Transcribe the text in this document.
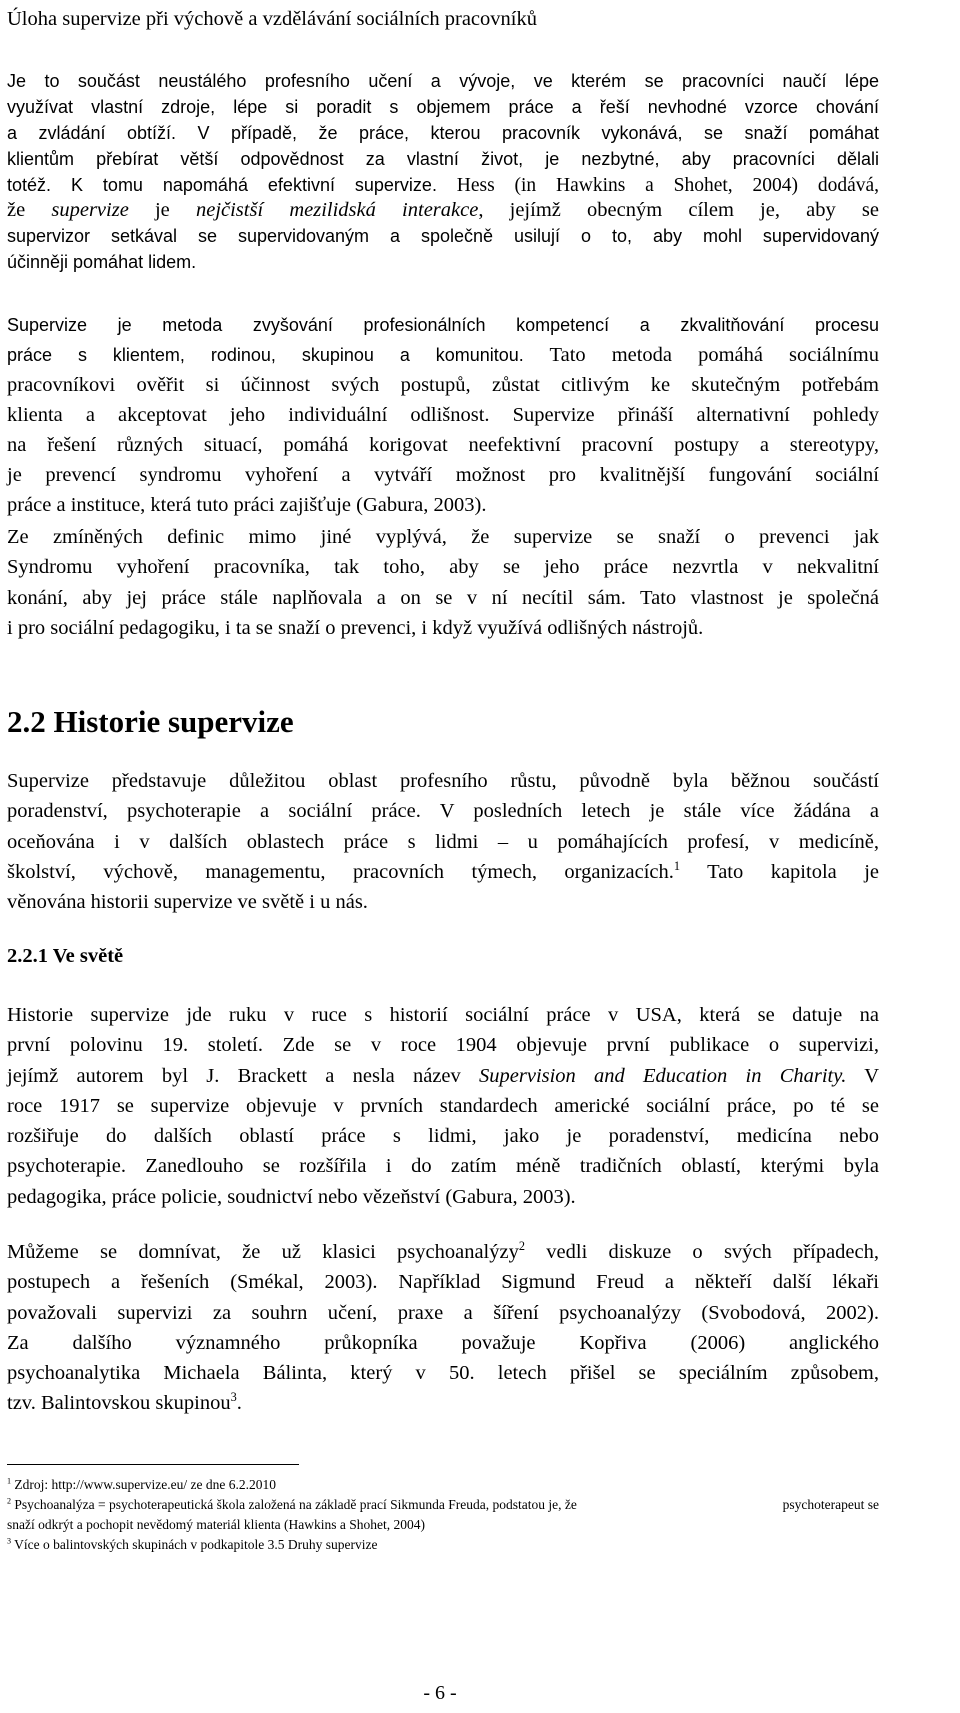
Úloha supervize při výchově a vzdělávání sociálních pracovníků
Je to součást neustálého profesního učení a vývoje, ve kterém se pracovníci naučí lépe
využívat vlastní zdroje, lépe si poradit s objemem práce a řeší nevhodné vzorce chování
a zvládání obtíží. V případě, že práce, kterou pracovník vykonává, se snaží pomáhat
klientům přebírat větší odpovědnost za vlastní život, je nezbytné, aby pracovníci dělali
totéž. K tomu napomáhá efektivní supervize. Hess (in Hawkins a Shohet, 2004) dodává,
že supervize je nejčistší mezilidská interakce, jejímž obecným cílem je, aby se
supervizor setkával se supervidovaným a společně usilují o to, aby mohl supervidovaný
účinněji pomáhat lidem.
Supervize je metoda zvyšování profesionálních kompetencí a zkvalitňování procesu
práce s klientem, rodinou, skupinou a komunitou. Tato metoda pomáhá sociálnímu
pracovníkovi ověřit si účinnost svých postupů, zůstat citlivým ke skutečným potřebám
klienta a akceptovat jeho individuální odlišnost. Supervize přináší alternativní pohledy
na řešení různých situací, pomáhá korigovat neefektivní pracovní postupy a stereotypy,
je prevencí syndromu vyhoření a vytváří možnost pro kvalitnější fungování sociální
práce a instituce, která tuto práci zajišťuje (Gabura, 2003).
Ze zmíněných definic mimo jiné vyplývá, že supervize se snaží o prevenci jak
Syndromu vyhoření pracovníka, tak toho, aby se jeho práce nezvrtla v nekvalitní
konání, aby jej práce stále naplňovala a on se v ní necítil sám. Tato vlastnost je společná
i pro sociální pedagogiku, i ta se snaží o prevenci, i když využívá odlišných nástrojů.
2.2 Historie supervize
Supervize představuje důležitou oblast profesního růstu, původně byla běžnou součástí
poradenství, psychoterapie a sociální práce. V posledních letech je stále více žádána a
oceňována i v dalších oblastech práce s lidmi – u pomáhajících profesí, v medicíně,
školství, výchově, managementu, pracovních týmech, organizacích.$^1$ Tato kapitola je
věnována historii supervize ve světě i u nás.
2.2.1 Ve světě
Historie supervize jde ruku v ruce s historií sociální práce v USA, která se datuje na
první polovinu 19. století. Zde se v roce 1904 objevuje první publikace o supervizi,
jejímž autorem byl J. Brackett a nesla název Supervision and Education in Charity. V
roce 1917 se supervize objevuje v prvních standardech americké sociální práce, po té se
rozšiřuje do dalších oblastí práce s lidmi, jako je poradenství, medicína nebo
psychoterapie. Zanedlouho se rozšířila i do zatím méně tradičních oblastí, kterými byla
pedagogika, práce policie, soudnictví nebo vězeňství (Gabura, 2003).
Můžeme se domnívat, že už klasici psychoanalýzy$^2$ vedli diskuze o svých případech,
postupech a řešeních (Smékal, 2003). Například Sigmund Freud a někteří další lékaři
považovali supervizi za souhrn učení, praxe a šíření psychoanalýzy (Svobodová, 2002).
Za dalšího významného průkopníka považuje Kopřiva (2006) anglického
psychoanalytika Michaela Bálinta, který v 50. letech přišel se speciálním způsobem,
tzv. Balintovskou skupinou$^3$.
$^1$ Zdroj: http://www.supervize.eu/ ze dne 6.2.2010
$^2$ Psychoanalýza = psychoterapeutická škola založená na základě prací Sikmunda Freuda, podstatou je, že	psychoterapeut se
snaží odkrýt a pochopit nevědomý materiál klienta (Hawkins a Shohet, 2004)
$^3$ Více o balintovských skupinách v podkapitole 3.5 Druhy supervize
- 6 -
